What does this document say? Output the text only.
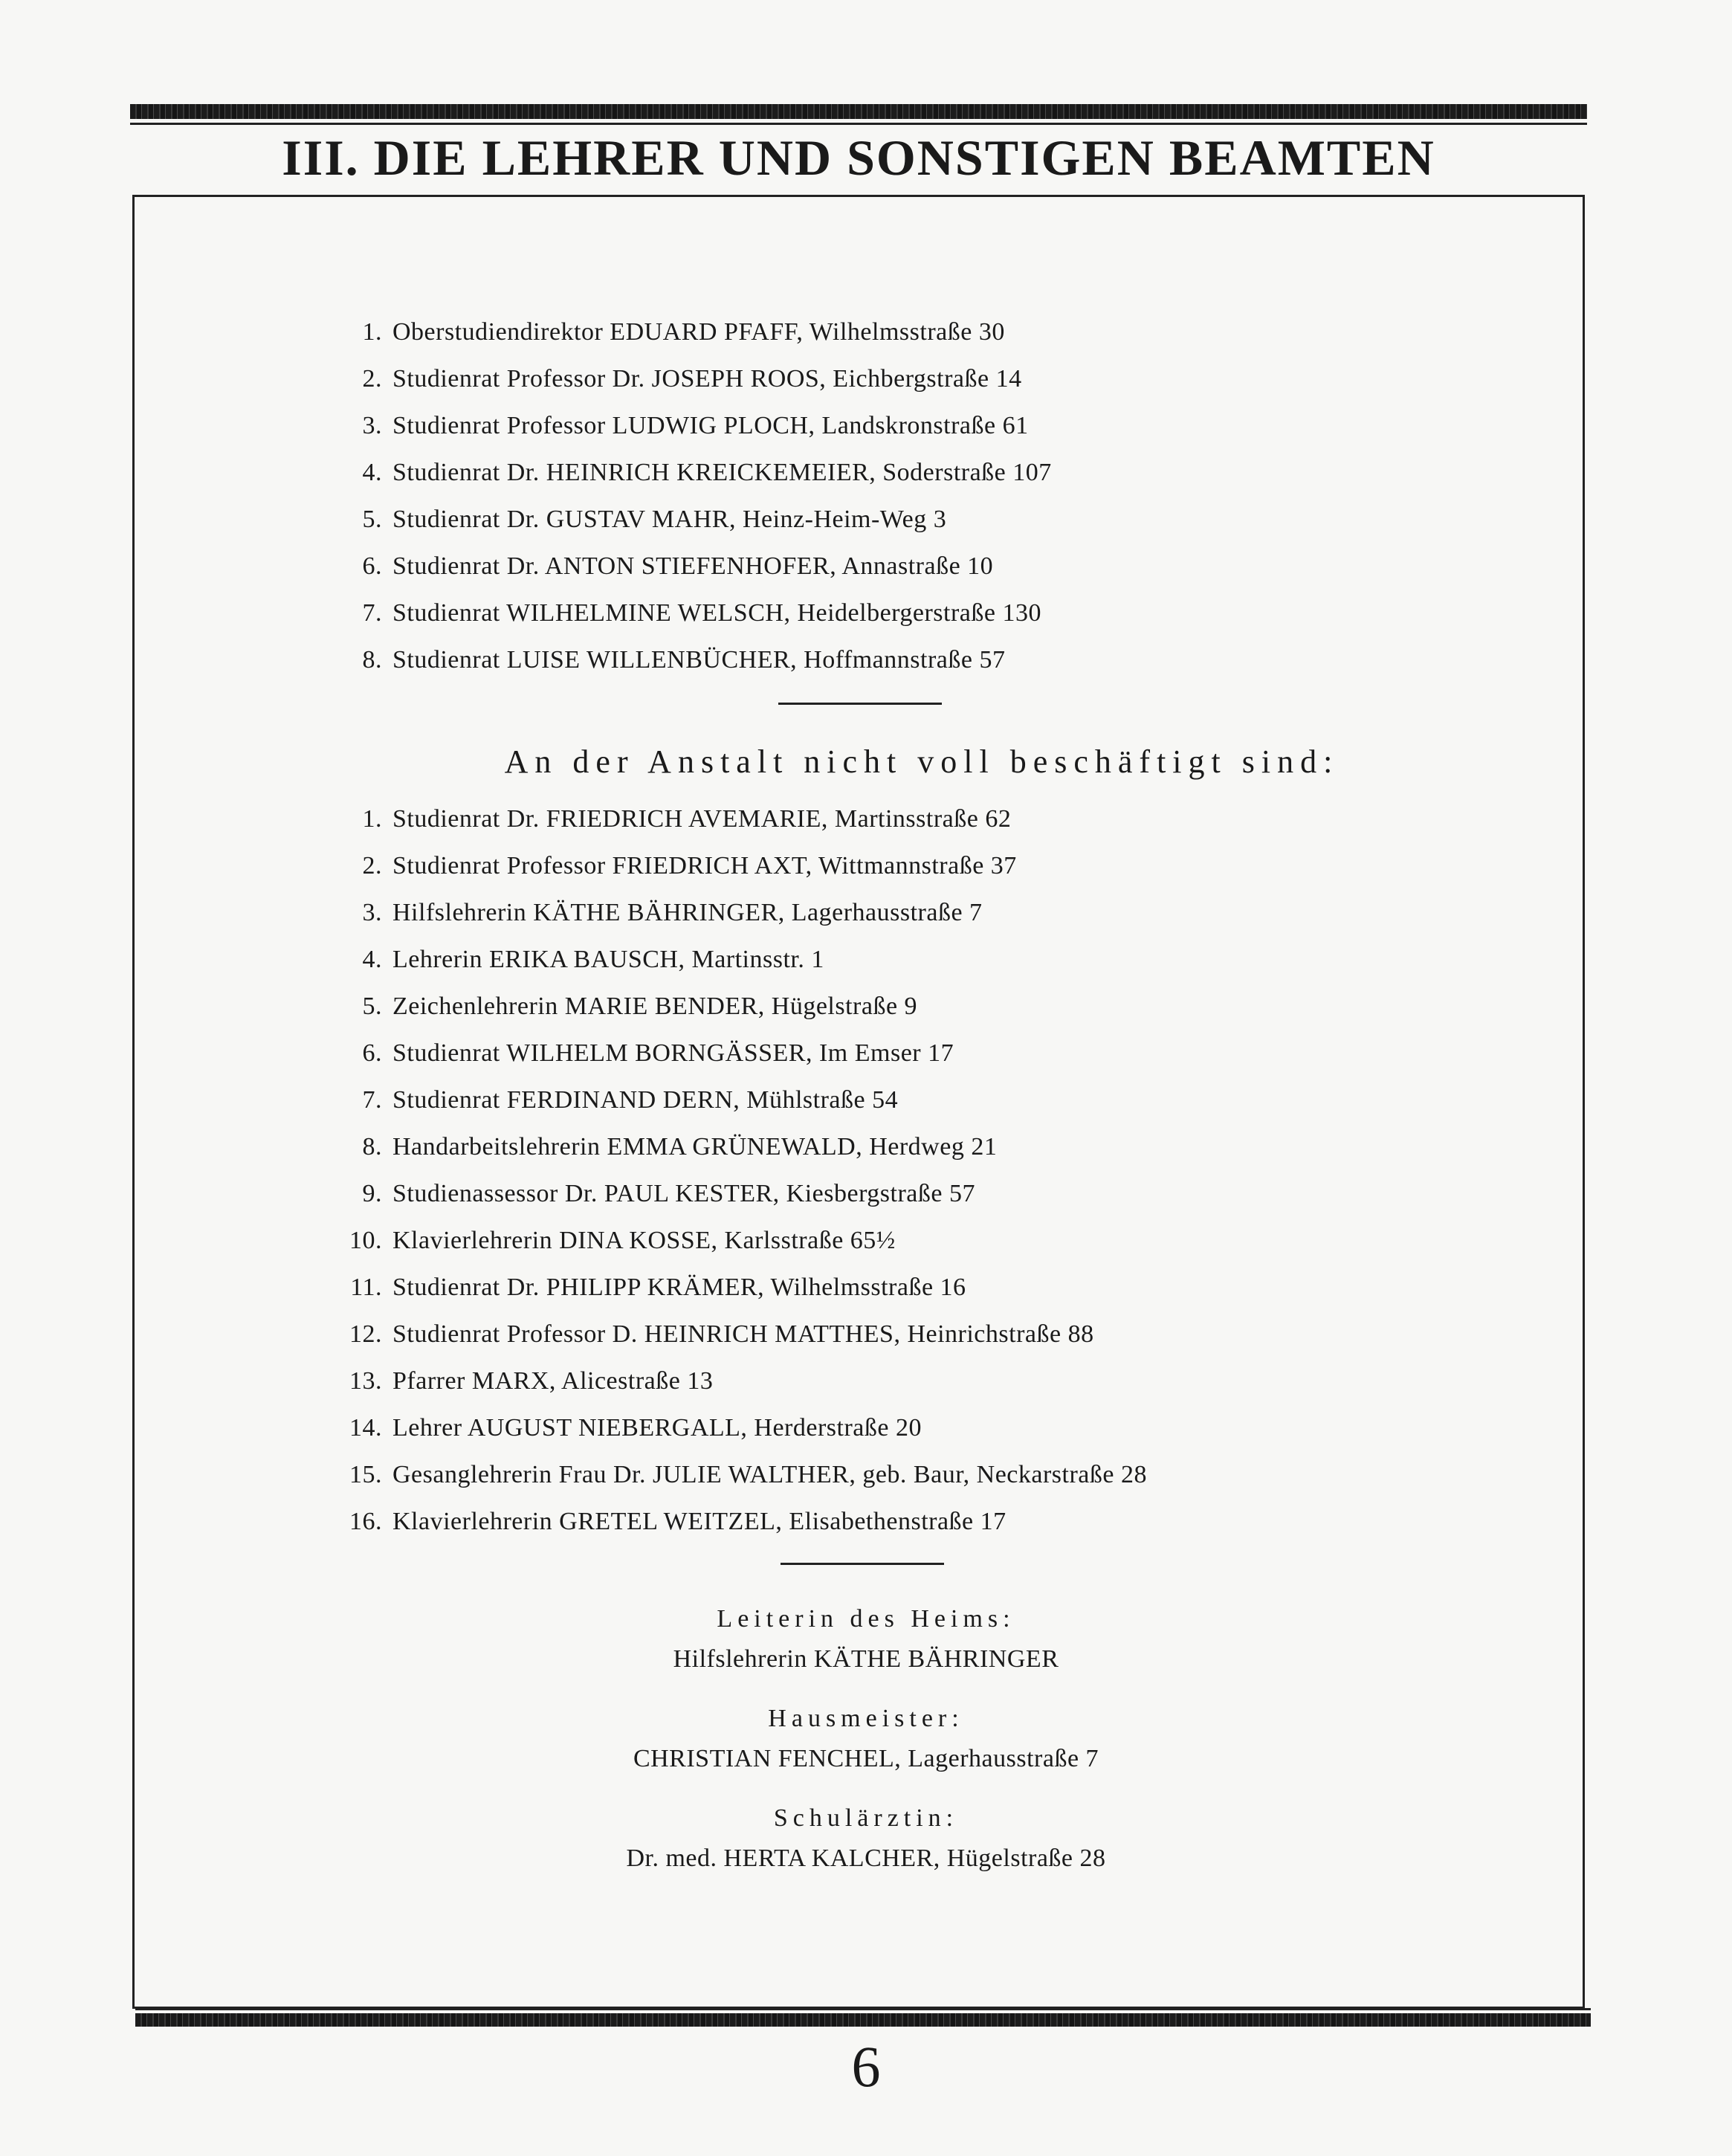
III. DIE LEHRER UND SONSTIGEN BEAMTEN
1. Oberstudiendirektor EDUARD PFAFF, Wilhelmsstraße 30
2. Studienrat Professor Dr. JOSEPH ROOS, Eichbergstraße 14
3. Studienrat Professor LUDWIG PLOCH, Landskronstraße 61
4. Studienrat Dr. HEINRICH KREICKEMEIER, Soderstraße 107
5. Studienrat Dr. GUSTAV MAHR, Heinz-Heim-Weg 3
6. Studienrat Dr. ANTON STIEFENHOFER, Annastraße 10
7. Studienrat WILHELMINE WELSCH, Heidelbergerstraße 130
8. Studienrat LUISE WILLENBÜCHER, Hoffmannstraße 57
An der Anstalt nicht voll beschäftigt sind:
1. Studienrat Dr. FRIEDRICH AVEMARIE, Martinsstraße 62
2. Studienrat Professor FRIEDRICH AXT, Wittmannstraße 37
3. Hilfslehrerin KÄTHE BÄHRINGER, Lagerhausstraße 7
4. Lehrerin ERIKA BAUSCH, Martinsstr. 1
5. Zeichenlehrerin MARIE BENDER, Hügelstraße 9
6. Studienrat WILHELM BORNGÄSSER, Im Emser 17
7. Studienrat FERDINAND DERN, Mühlstraße 54
8. Handarbeitslehrerin EMMA GRÜNEWALD, Herdweg 21
9. Studienassessor Dr. PAUL KESTER, Kiesbergstraße 57
10. Klavierlehrerin DINA KOSSE, Karlsstraße 65½
11. Studienrat Dr. PHILIPP KRÄMER, Wilhelmsstraße 16
12. Studienrat Professor D. HEINRICH MATTHES, Heinrichstraße 88
13. Pfarrer MARX, Alicestraße 13
14. Lehrer AUGUST NIEBERGALL, Herderstraße 20
15. Gesanglehrerin Frau Dr. JULIE WALTHER, geb. Baur, Neckarstraße 28
16. Klavierlehrerin GRETEL WEITZEL, Elisabethenstraße 17
Leiterin des Heims:
Hilfslehrerin KÄTHE BÄHRINGER
Hausmeister:
CHRISTIAN FENCHEL, Lagerhausstraße 7
Schulärztin:
Dr. med. HERTA KALCHER, Hügelstraße 28
6
